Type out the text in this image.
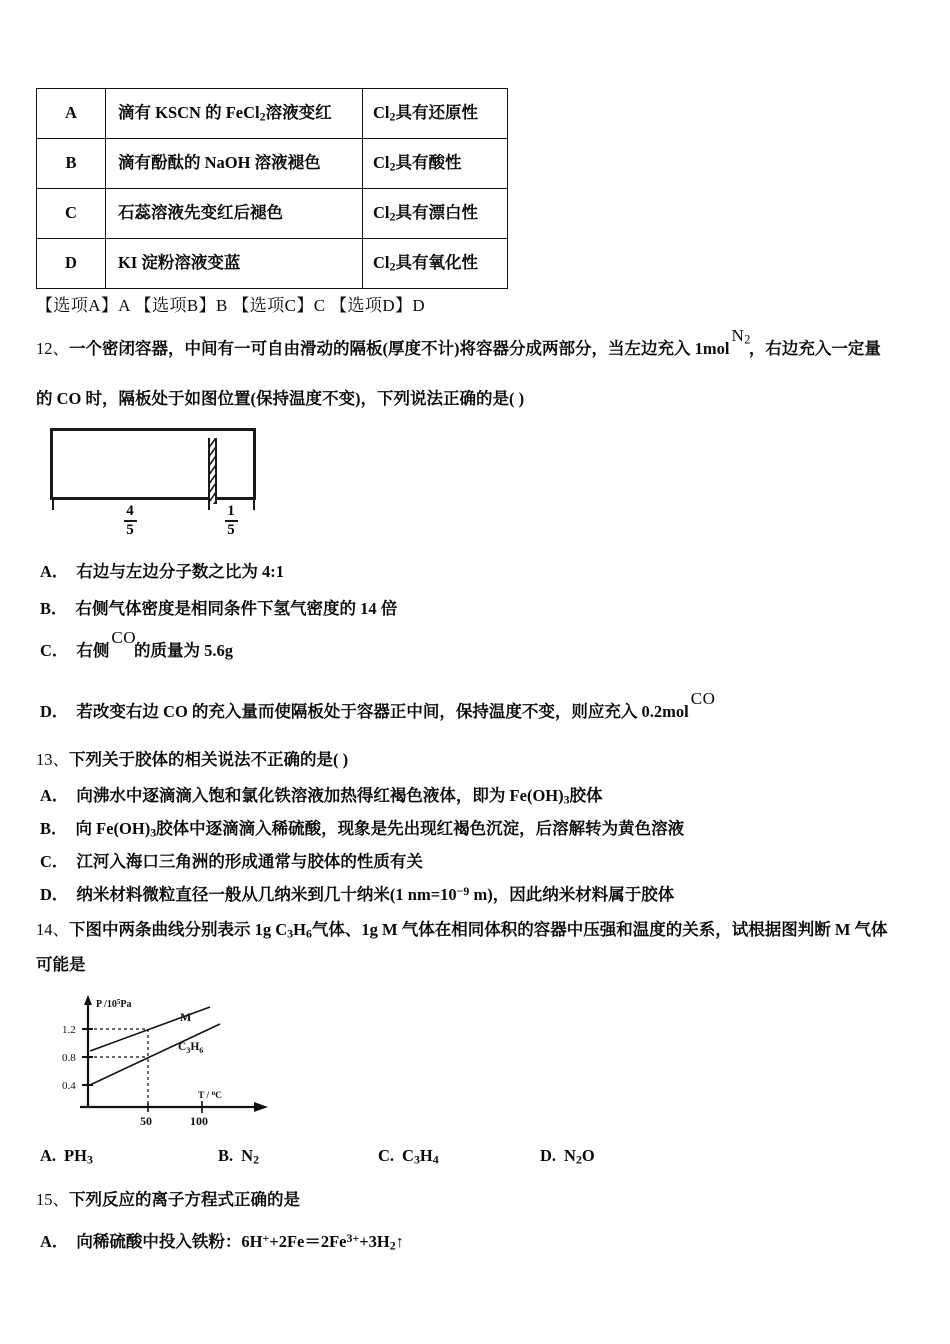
A	滴有 KSCN 的 FeCl$_2$溶液变红	$Cl_2$具有还原性
B	滴有酚酞的 NaOH 溶液褪色	$Cl_2$具有酸性
C	石蕊溶液先变红后褪色	$Cl_2$具有漂白性
D	KI 淀粉溶液变蓝	$Cl_2$具有氧化性
【选项A】A 【选项B】B 【选项C】C 【选项D】D
12、一个密闭容器，中间有一可自由滑动的隔板(厚度不计)将容器分成两部分，当左边充入 1molN$_2$，右边充入一定量
的 CO 时，隔板处于如图位置(保持温度不变)，下列说法正确的是( )
4
5
1
5
A． 右边与左边分子数之比为 4:1
B． 右侧气体密度是相同条件下氢气密度的 14 倍
C． 右侧CO的质量为 5.6g
D． 若改变右边 CO 的充入量而使隔板处于容器正中间，保持温度不变，则应充入 0.2molCO
13、下列关于胶体的相关说法不正确的是( )
A． 向沸水中逐滴滴入饱和氯化铁溶液加热得红褐色液体，即为 $Fe(OH)_3$胶体
B． 向 $Fe(OH)_3$胶体中逐滴滴入稀硫酸，现象是先出现红褐色沉淀，后溶解转为黄色溶液
C． 江河入海口三角洲的形成通常与胶体的性质有关
D． 纳米材料微粒直径一般从几纳米到几十纳米(1 $nm=10^{-9}$ m)，因此纳米材料属于胶体
14、下图中两条曲线分别表示 1g $C_3H_6$气体、1g M 气体在相同体积的容器中压强和温度的关系，试根据图判断 M 气体
可能是
P $/10^5Pa$
T / $^o$C
1.2
0.8
0.4
50	100
M
$C_3H_6$
A. $PH_3$	B. $N_2$	C. $C_3H_4$	D. $N_2O$
15、下列反应的离子方程式正确的是
A． 向稀硫酸中投入铁粉：$6H^++2Fe=2Fe^{3+}+3H_2↑$
